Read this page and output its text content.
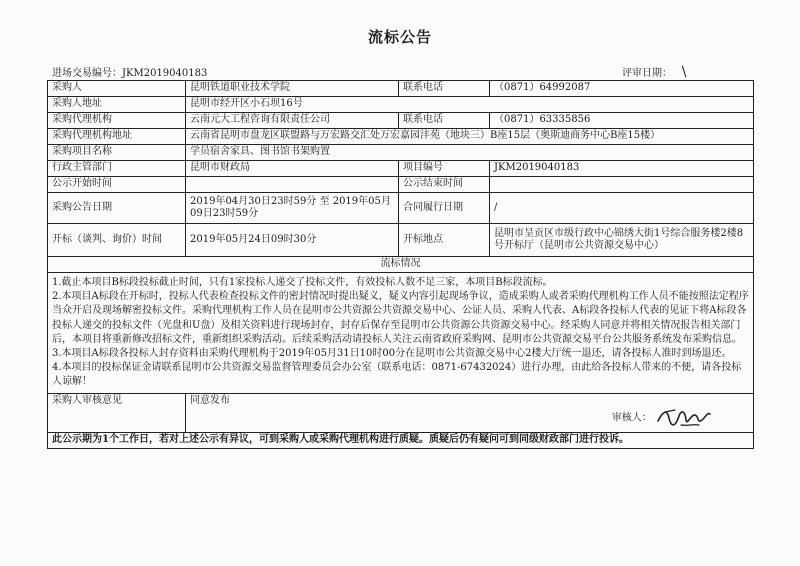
流标公告
进场交易编号：JKM2019040183	评审日期： /
采购人	昆明铁道职业技术学院	联系电话	（0871）64992087
采购人地址	昆明市经开区小石坝16号		
采购代理机构	云南元大工程咨询有限责任公司	联系电话	（0871）63335856
采购代理机构地址	云南省昆明市盘龙区联盟路与万宏路交汇处万宏嘉园沣苑（地块三）B座15层（奥斯迪商务中心B座15楼）		
采购项目名称	学员宿舍家具、图书馆书架购置		
行政主管部门	昆明市财政局	项目编号	JKM2019040183
公示开始时间		公示结束时间	
采购公告日期	2019年04月30日23时59分 至 2019年05月09日23时59分	合同履行日期	/
开标（谈判、询价）时间	2019年05月24日09时30分	开标地点	昆明市呈贡区市级行政中心锦绣大街1号综合服务楼2楼8号开标厅（昆明市公共资源交易中心）
流标情况			

1.截止本项目B标段投标截止时间，只有1家投标人递交了投标文件，有效投标人数不足三家，本项目B标段流标。

2.本项目A标段在开标时，投标人代表检查投标文件的密封情况时提出疑义，疑义内容引起现场争议，造成采购人或者采购代理机构工作人员不能按照法定程序当众开启及现场解密投标文件。采购代理机构工作人员在昆明市公共资源公共资源交易中心、公证人员、采购人代表、A标段各投标人代表的见证下将A标段各投标人递交的投标文件（光盘和U盘）及相关资料进行现场封存，封存后保存至昆明市公共资源公共资源交易中心。经采购人同意并将相关情况报告相关部门后，本项目将重新修改招标文件，重新组织采购活动。后续采购活动请投标人关注云南省政府采购网、昆明市公共资源交易平台公共服务系统发布采购信息。

3.本项目A标段各投标人封存资料由采购代理机构于2019年05月31日10时00分在昆明市公共资源交易中心2楼大厅统一退还，请各投标人准时到场退还。

4.本项目的投标保证金请联系昆明市公共资源交易监督管理委员会办公室（联系电话：0871-67432024）进行办理，由此给各投标人带来的不便，请各投标人谅解！			

采购人审核意见	同意发布
审核人：		

此公示期为1个工作日，若对上述公示有异议，可到采购人或采购代理机构进行质疑。质疑后仍有疑问可到同级财政部门进行投诉。			
